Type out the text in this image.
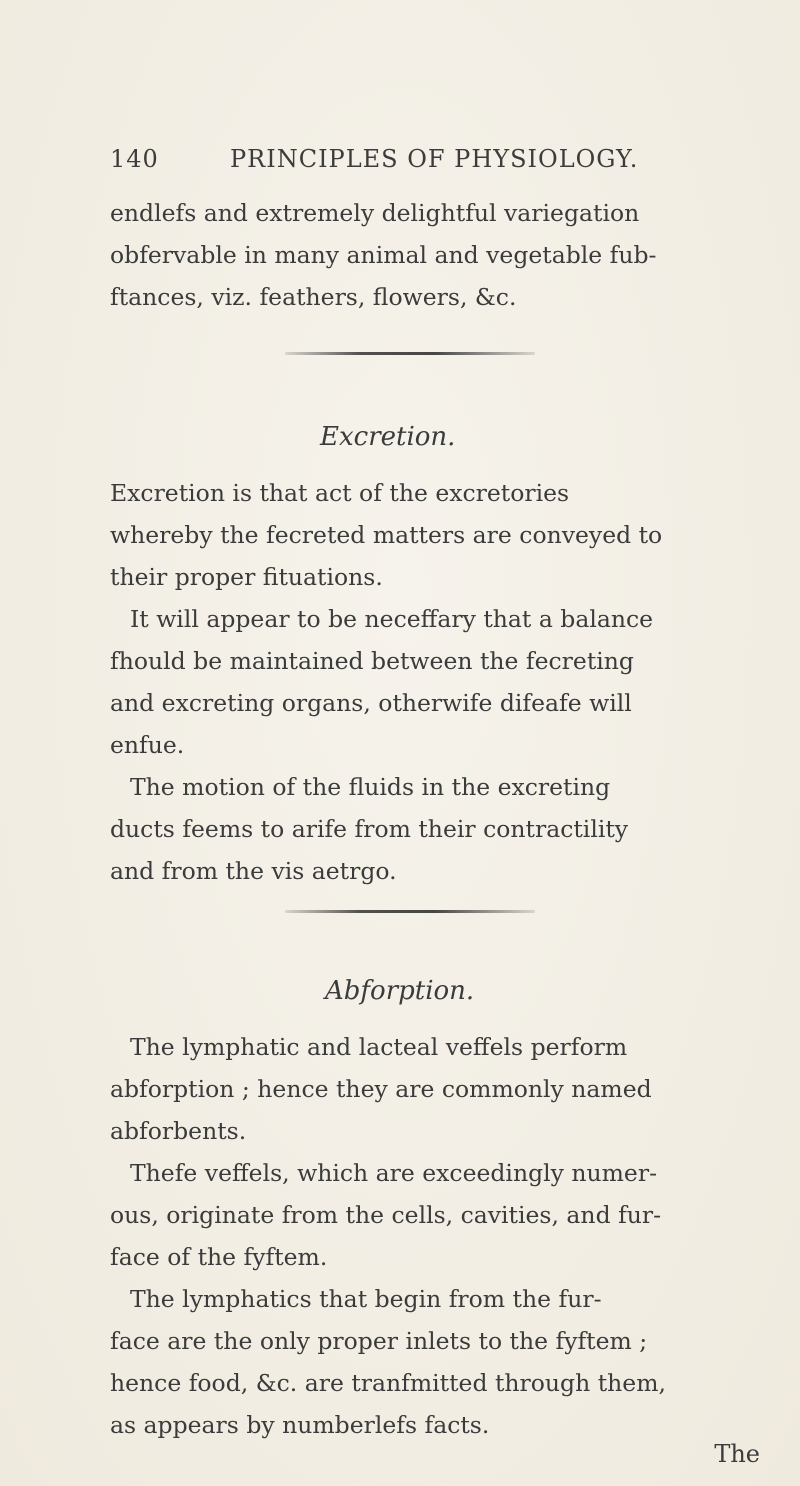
140	PRINCIPLES OF PHYSIOLOGY.
endlefs and extremely delightful variegation
obfervable in many animal and vegetable fub-
ftances, viz. feathers, flowers, &c.
Excretion.
Excretion is that act of the excretories
whereby the fecreted matters are conveyed to
their proper fituations.
It will appear to be neceffary that a balance
fhould be maintained between the fecreting
and excreting organs, otherwife difeafe will
enfue.
The motion of the fluids in the excreting
ducts feems to arife from their contractility
and from the vis aetrgo.
Abforption.
The lymphatic and lacteal veffels perform
abforption ; hence they are commonly named
abforbents.
Thefe veffels, which are exceedingly numer-
ous, originate from the cells, cavities, and fur-
face of the fyftem.
The lymphatics that begin from the fur-
face are the only proper inlets to the fyftem ;
hence food, &c. are tranfmitted through them,
as appears by numberlefs facts.
The
